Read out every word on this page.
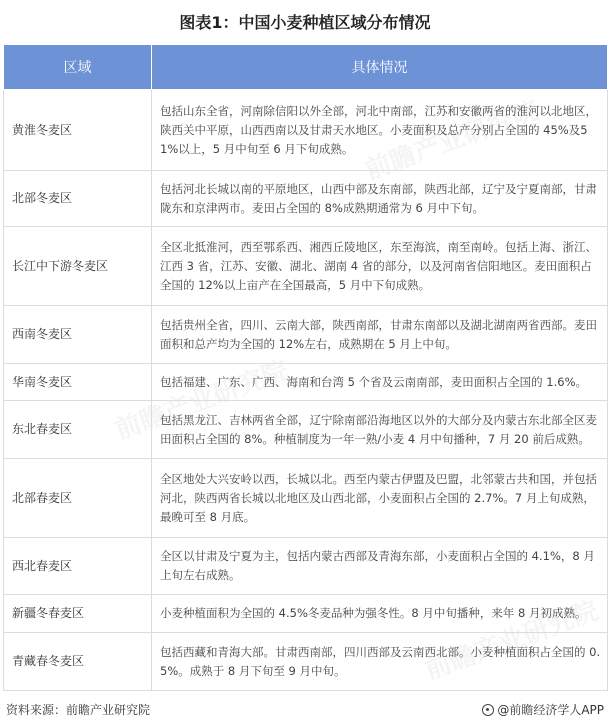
图表1：中国小麦种植区域分布情况
区域	具体情况
黄淮冬麦区	包括山东全省，河南除信阳以外全部，河北中南部，江苏和安徽两省的淮河以北地区，陕西关中平原，山西西南以及甘肃天水地区。小麦面积及总产分别占全国的 45%及51%以上，5 月中旬至 6 月下旬成熟。
北部冬麦区	包括河北长城以南的平原地区，山西中部及东南部，陕西北部，辽宁及宁夏南部，甘肃陇东和京津两市。麦田占全国的 8%成熟期通常为 6 月中下旬。
长江中下游冬麦区	全区北抵淮河，西至鄂系西、湘西丘陵地区，东至海滨，南至南岭。包括上海、浙江、江西 3 省，江苏、安徽、湖北、湖南 4 省的部分，以及河南省信阳地区。麦田面积占全国的 12%以上亩产在全国最高，5 月中下旬成熟。
西南冬麦区	包括贵州全省，四川、云南大部，陕西南部，甘肃东南部以及湖北湖南两省西部。麦田面积和总产均为全国的 12%左右，成熟期在 5 月上中旬。
华南冬麦区	包括福建、广东、广西、海南和台湾 5 个省及云南南部，麦田面积占全国的 1.6%。
东北春麦区	包括黑龙江、吉林两省全部，辽宁除南部沿海地区以外的大部分及内蒙古东北部全区麦田面积占全国的 8%。种植制度为一年一熟/小麦 4 月中旬播种，7 月 20 前后成熟。
北部春麦区	全区地处大兴安岭以西，长城以北。西至内蒙古伊盟及巴盟，北邻蒙古共和国，并包括河北，陕西两省长城以北地区及山西北部，小麦面积占全国的 2.7%。7 月上旬成熟，最晚可至 8 月底。
西北春麦区	全区以甘肃及宁夏为主，包括内蒙古西部及青海东部，小麦面积占全国的 4.1%，8 月上旬左右成熟。
新疆冬春麦区	小麦种植面积为全国的 4.5%冬麦品种为强冬性。8 月中旬播种，来年 8 月初成熟。
青藏春冬麦区	包括西藏和青海大部。甘肃西南部，四川西部及云南西北部。小麦种植面积占全国的 0.5%。成熟于 8 月下旬至 9 月中旬。
资料来源：前瞻产业研究院	@前瞻经济学人APP
